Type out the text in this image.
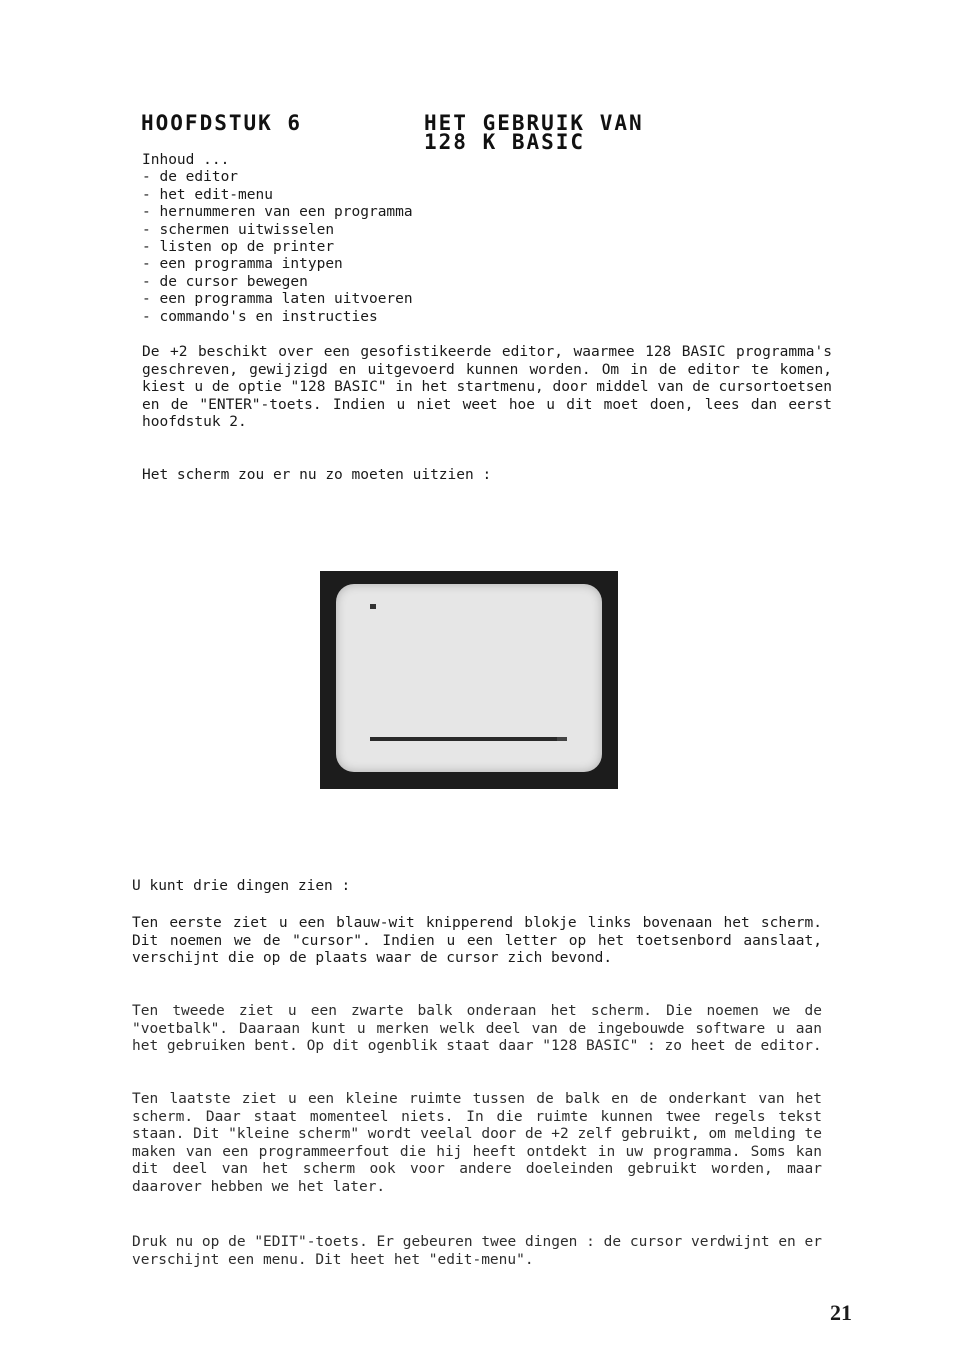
HOOFDSTUK 6	HET GEBRUIK VAN
128 K BASIC
Inhoud ...
- de editor
- het edit-menu
- hernummeren van een programma
- schermen uitwisselen
- listen op de printer
- een programma intypen
- de cursor bewegen
- een programma laten uitvoeren
- commando's en instructies
De +2 beschikt over een gesofistikeerde editor, waarmee 128 BASIC programma's geschreven, gewijzigd en uitgevoerd kunnen worden. Om in de editor te komen, kiest u de optie "128 BASIC" in het startmenu, door middel van de cursortoetsen en de "ENTER"-toets. Indien u niet weet hoe u dit moet doen, lees dan eerst hoofdstuk 2.
Het scherm zou er nu zo moeten uitzien :
U kunt drie dingen zien :
Ten eerste ziet u een blauw-wit knipperend blokje links bovenaan het scherm. Dit noemen we de "cursor". Indien u een letter op het toetsenbord aanslaat, verschijnt die op de plaats waar de cursor zich bevond.
Ten tweede ziet u een zwarte balk onderaan het scherm. Die noemen we de "voetbalk". Daaraan kunt u merken welk deel van de ingebouwde software u aan het gebruiken bent. Op dit ogenblik staat daar "128 BASIC" : zo heet de editor.
Ten laatste ziet u een kleine ruimte tussen de balk en de onderkant van het scherm. Daar staat momenteel niets. In die ruimte kunnen twee regels tekst staan. Dit "kleine scherm" wordt veelal door de +2 zelf gebruikt, om melding te maken van een programmeerfout die hij heeft ontdekt in uw programma. Soms kan dit deel van het scherm ook voor andere doeleinden gebruikt worden, maar daarover hebben we het later.
Druk nu op de "EDIT"-toets. Er gebeuren twee dingen : de cursor verdwijnt en er verschijnt een menu. Dit heet het "edit-menu".
21
